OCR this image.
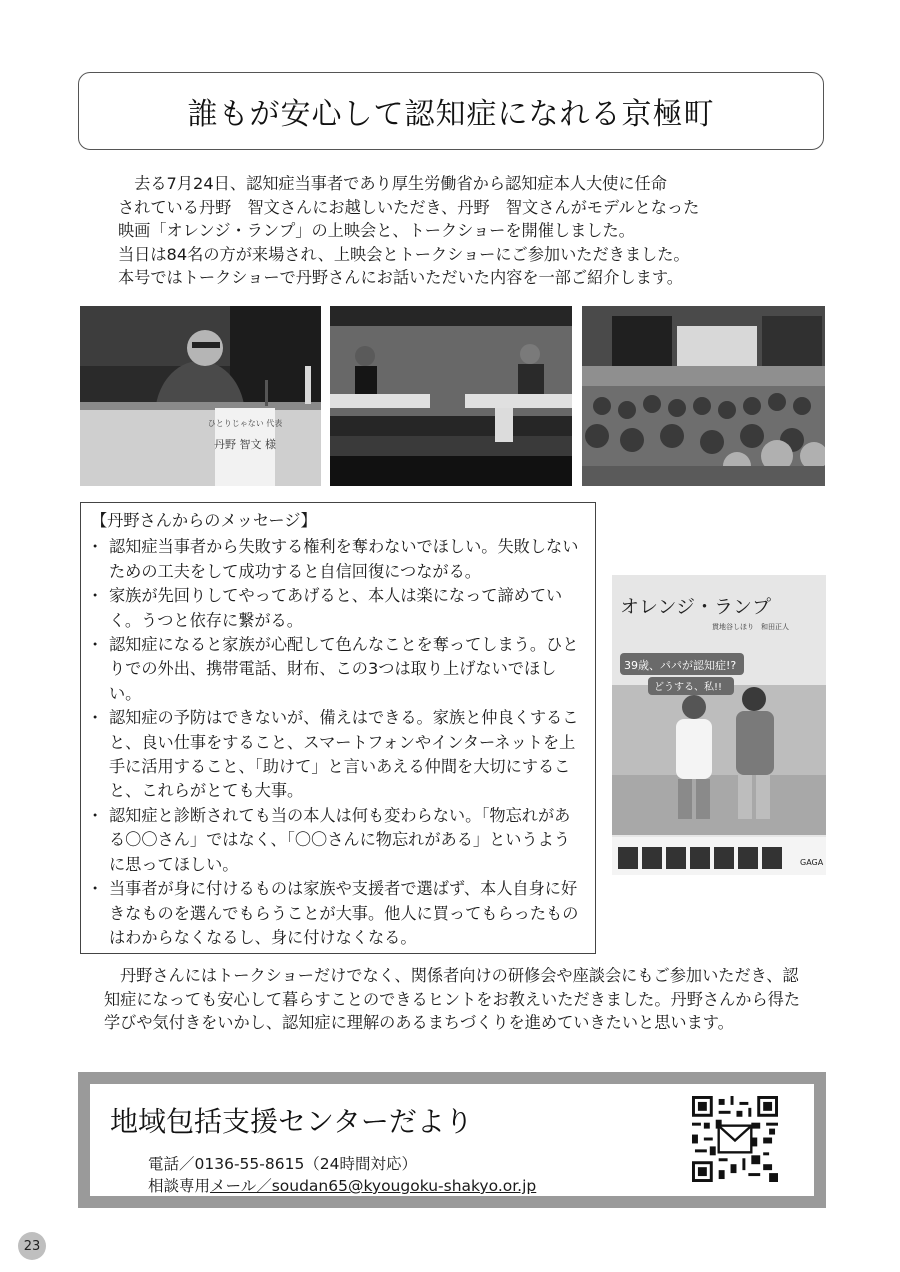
誰もが安心して認知症になれる京極町

　去る7月24日、認知症当事者であり厚生労働省から認知症本人大使に任命

されている丹野　智文さんにお越しいただき、丹野　智文さんがモデルとなった

映画「オレンジ・ランプ」の上映会と、トークショーを開催しました。

当日は84名の方が来場され、上映会とトークショーにご参加いただきました。

本号ではトークショーで丹野さんにお話いただいた内容を一部ご紹介します。

ひとりじゃない 代表
丹野 智文 様

【丹野さんからのメッセージ】

・ 認知症当事者から失敗する権利を奪わないでほしい。失敗しないための工夫をして成功すると自信回復につながる。
・ 家族が先回りしてやってあげると、本人は楽になって諦めていく。うつと依存に繋がる。
・ 認知症になると家族が心配して色んなことを奪ってしまう。ひとりでの外出、携帯電話、財布、この3つは取り上げないでほしい。
・ 認知症の予防はできないが、備えはできる。家族と仲良くすること、良い仕事をすること、スマートフォンやインターネットを上手に活用すること、「助けて」と言いあえる仲間を大切にすること、これらがとても大事。
・ 認知症と診断されても当の本人は何も変わらない。「物忘れがある〇〇さん」ではなく、「〇〇さんに物忘れがある」というように思ってほしい。
・ 当事者が身に付けるものは家族や支援者で選ばず、本人自身に好きなものを選んでもらうことが大事。他人に買ってもらったものはわからなくなるし、身に付けなくなる。
オレンジ・ランプ
貫地谷しほり　和田正人
39歳、パパが認知症!?
どうする、私!!
GAGA

丹野さんにはトークショーだけでなく、関係者向けの研修会や座談会にもご参加いただき、認知症になっても安心して暮らすことのできるヒントをお教えいただきました。丹野さんから得た学びや気付きをいかし、認知症に理解のあるまちづくりを進めていきたいと思います。

地域包括支援センターだより
電話／0136-55-8615（24時間対応）
相談専用メール／soudan65@kyougoku-shakyo.or.jp
23
